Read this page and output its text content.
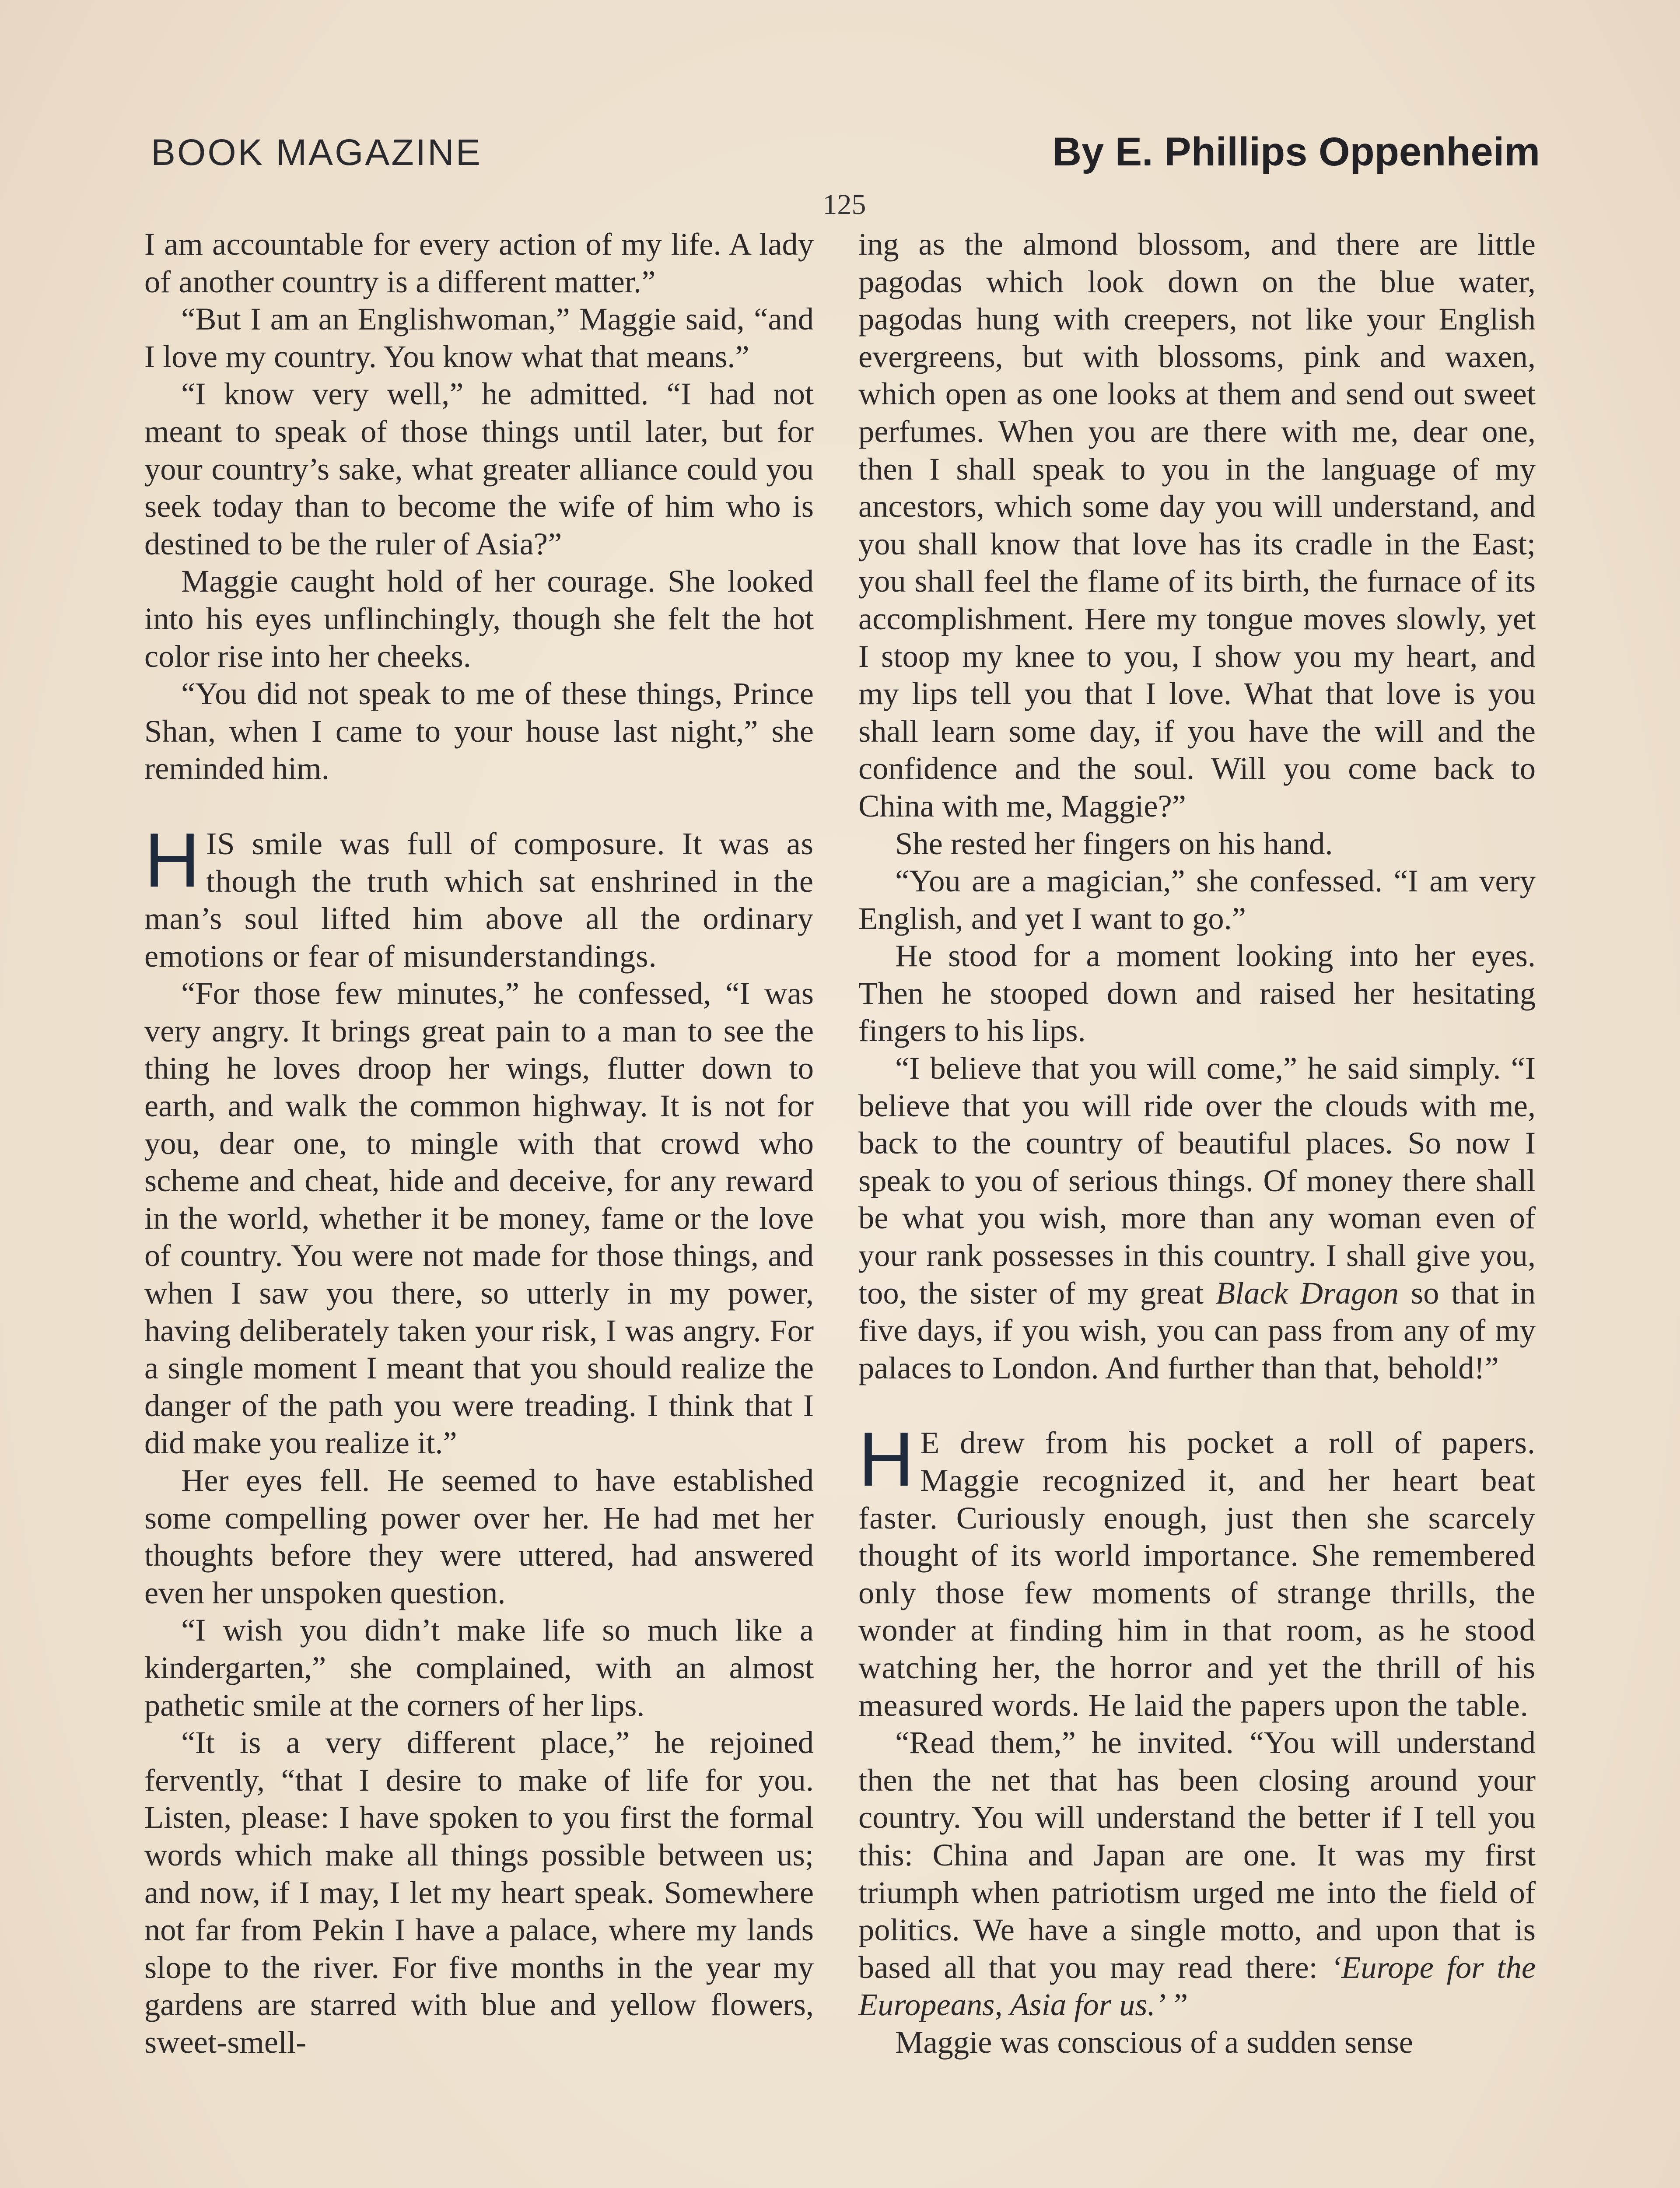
BOOK MAGAZINE	By E. Phillips Oppenheim
125

I am accountable for every action of my life. A lady of another country is a different matter.”

“But I am an Englishwoman,” Maggie said, “and I love my country. You know what that means.”

“I know very well,” he admitted. “I had not meant to speak of those things until later, but for your country’s sake, what greater alliance could you seek today than to become the wife of him who is destined to be the ruler of Asia?”

Maggie caught hold of her courage. She looked into his eyes unflinchingly, though she felt the hot color rise into her cheeks.

“You did not speak to me of these things, Prince Shan, when I came to your house last night,” she reminded him.

HIS smile was full of composure. It was as though the truth which sat enshrined in the man’s soul lifted him above all the ordinary emotions or fear of misunderstandings.

“For those few minutes,” he confessed, “I was very angry. It brings great pain to a man to see the thing he loves droop her wings, flutter down to earth, and walk the common highway. It is not for you, dear one, to mingle with that crowd who scheme and cheat, hide and deceive, for any reward in the world, whether it be money, fame or the love of country. You were not made for those things, and when I saw you there, so utterly in my power, having deliberately taken your risk, I was angry. For a single moment I meant that you should realize the danger of the path you were treading. I think that I did make you realize it.”

Her eyes fell. He seemed to have established some compelling power over her. He had met her thoughts before they were uttered, had answered even her unspoken question.

“I wish you didn’t make life so much like a kindergarten,” she complained, with an almost pathetic smile at the corners of her lips.

“It is a very different place,” he rejoined fervently, “that I desire to make of life for you. Listen, please: I have spoken to you first the formal words which make all things possible between us; and now, if I may, I let my heart speak. Somewhere not far from Pekin I have a palace, where my lands slope to the river. For five months in the year my gardens are starred with blue and yellow flowers, sweet-smell-

ing as the almond blossom, and there are little pagodas which look down on the blue water, pagodas hung with creepers, not like your English evergreens, but with blossoms, pink and waxen, which open as one looks at them and send out sweet perfumes. When you are there with me, dear one, then I shall speak to you in the language of my ancestors, which some day you will understand, and you shall know that love has its cradle in the East; you shall feel the flame of its birth, the furnace of its accomplishment. Here my tongue moves slowly, yet I stoop my knee to you, I show you my heart, and my lips tell you that I love. What that love is you shall learn some day, if you have the will and the confidence and the soul. Will you come back to China with me, Maggie?”

She rested her fingers on his hand.

“You are a magician,” she confessed. “I am very English, and yet I want to go.”

He stood for a moment looking into her eyes. Then he stooped down and raised her hesitating fingers to his lips.

“I believe that you will come,” he said simply. “I believe that you will ride over the clouds with me, back to the country of beautiful places. So now I speak to you of serious things. Of money there shall be what you wish, more than any woman even of your rank possesses in this country. I shall give you, too, the sister of my great Black Dragon so that in five days, if you wish, you can pass from any of my palaces to London. And further than that, behold!”

H E drew from his pocket a roll of papers. Maggie recognized it, and her heart beat faster. Curiously enough, just then she scarcely thought of its world importance. She remembered only those few moments of strange thrills, the wonder at finding him in that room, as he stood watching her, the horror and yet the thrill of his measured words. He laid the papers upon the table.

“Read them,” he invited. “You will understand then the net that has been closing around your country. You will understand the better if I tell you this: China and Japan are one. It was my first triumph when patriotism urged me into the field of politics. We have a single motto, and upon that is based all that you may read there: ‘Europe for the Europeans, Asia for us.’ ”

Maggie was conscious of a sudden sense
